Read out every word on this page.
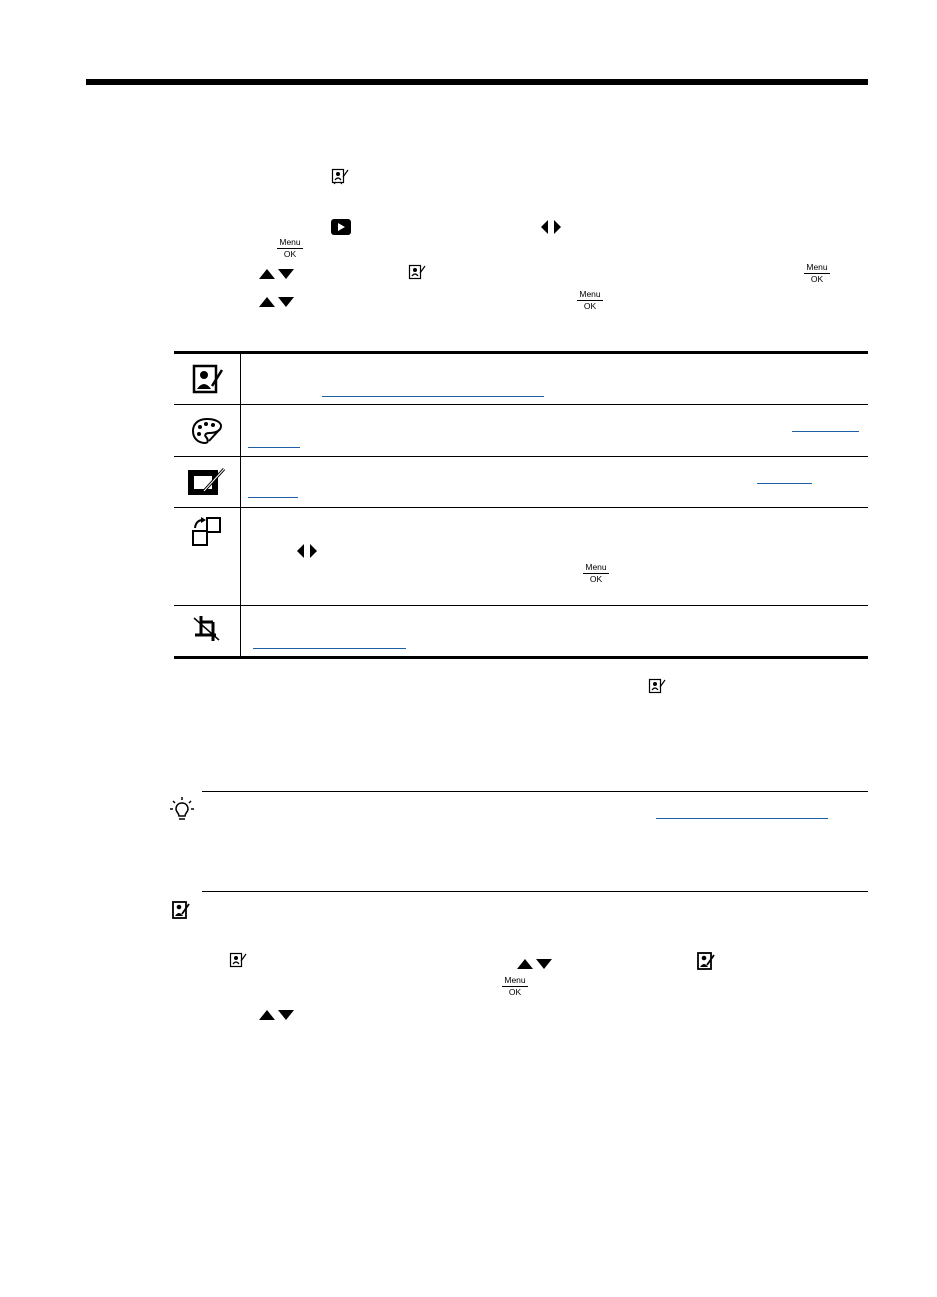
Menu
OK
Menu
OK
Menu
OK
Menu
OK
Menu
OK
